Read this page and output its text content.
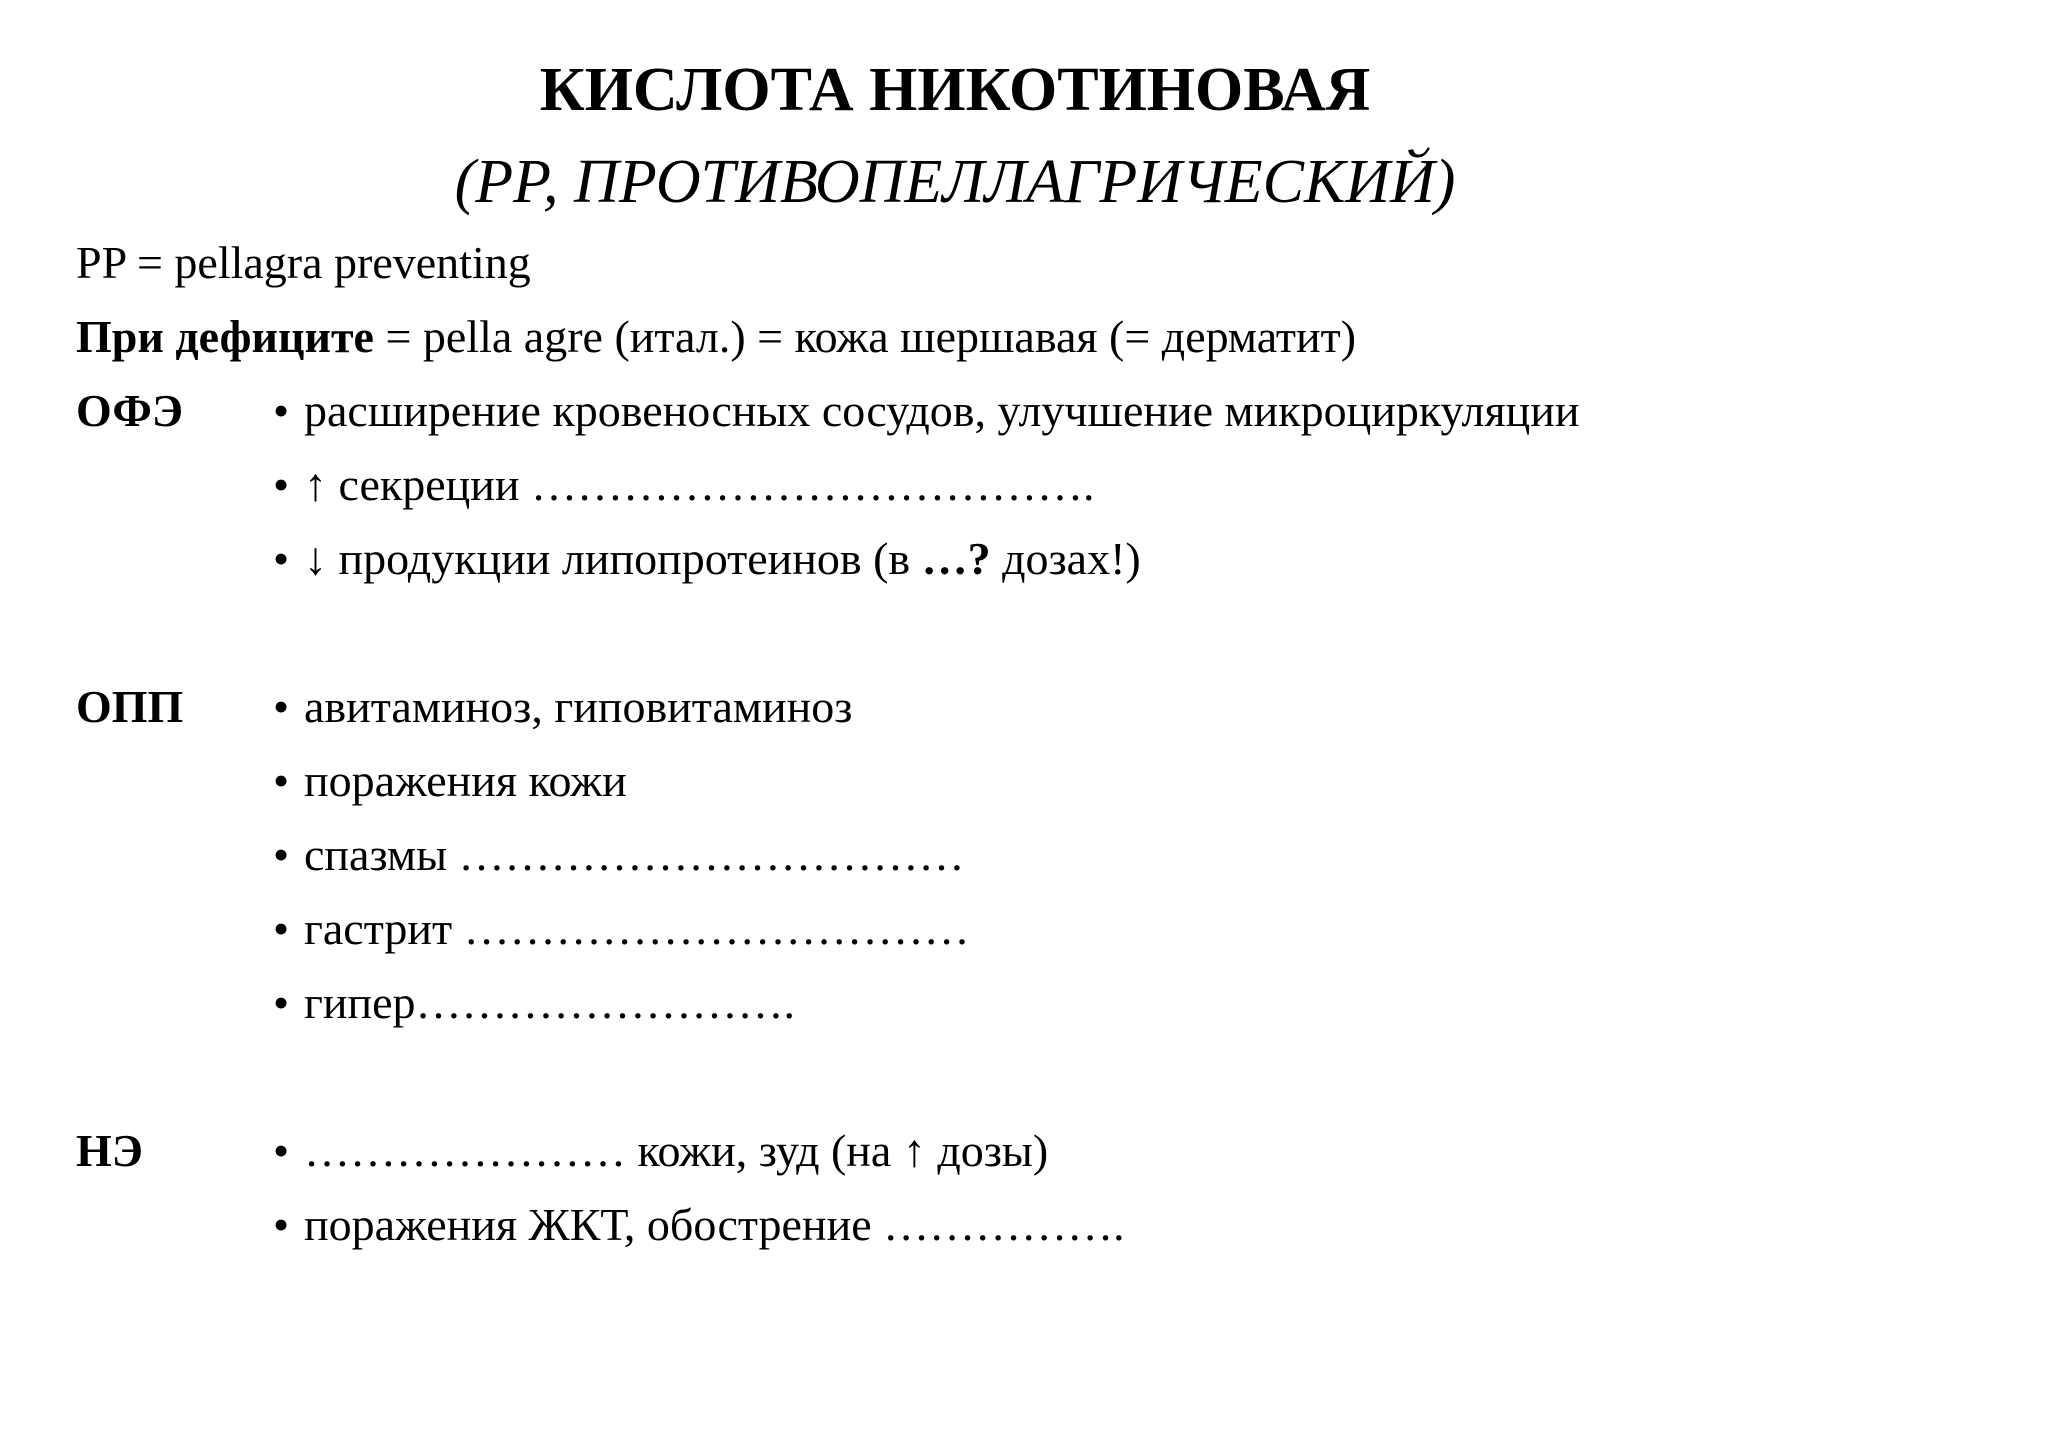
КИСЛОТА НИКОТИНОВАЯ
(PP, ПРОТИВОПЕЛЛАГРИЧЕСКИЙ)
PP = pellagra preventing
При дефиците = pella agre (итал.) = кожа шершавая (= дерматит)
ОФЭ • расширение кровеносных сосудов, улучшение микроциркуляции
• ↑ секреции ……………………………….
• ↓ продукции липопротеинов (в …? дозах!)
ОПП • авитаминоз, гиповитаминоз
• поражения кожи
• спазмы ……………………………
• гастрит ……………………………
• гипер…………………….
НЭ	• ………………… кожи, зуд (на ↑ дозы)
• поражения ЖКТ, обострение …………….
